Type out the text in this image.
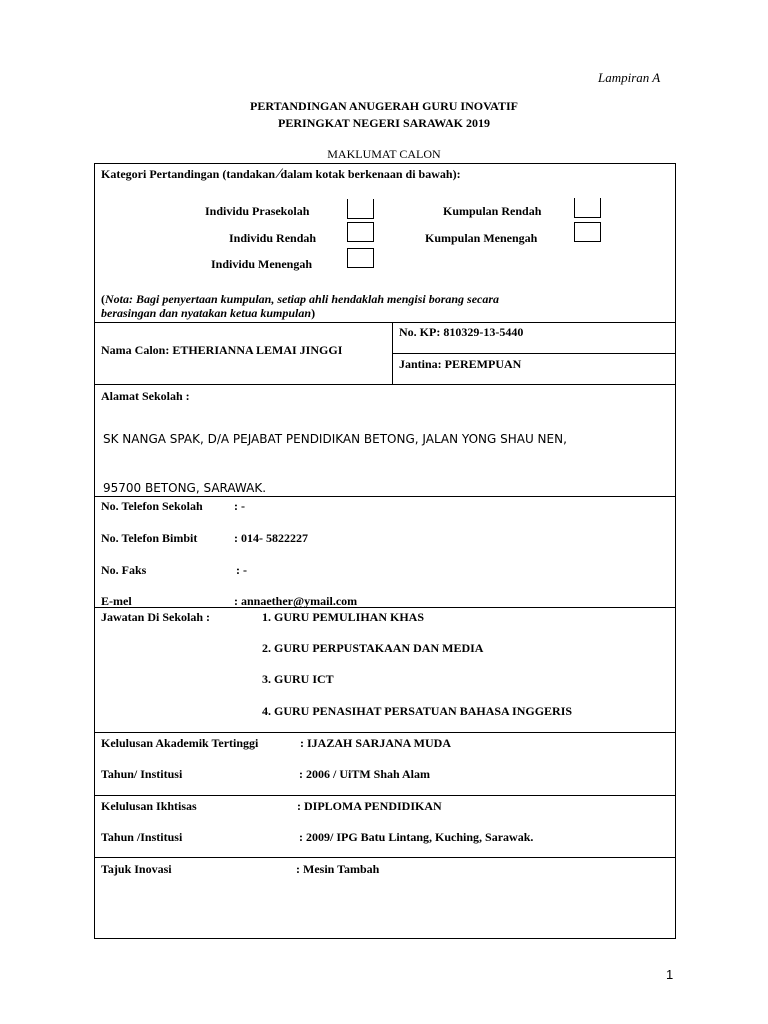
Lampiran A
PERTANDINGAN ANUGERAH GURU INOVATIF
PERINGKAT NEGERI SARAWAK 2019
MAKLUMAT CALON
Kategori Pertandingan (tandakan ⁄dalam kotak berkenaan di bawah):
Individu Prasekolah
Individu Rendah
Individu Menengah
Kumpulan Rendah
Kumpulan Menengah
(Nota: Bagi penyertaan kumpulan, setiap ahli hendaklah mengisi borang secara
berasingan dan nyatakan ketua kumpulan)
Nama Calon: ETHERIANNA LEMAI JINGGI
No. KP: 810329-13-5440
Jantina: PEREMPUAN
Alamat Sekolah :
SK NANGA SPAK, D/A PEJABAT PENDIDIKAN BETONG, JALAN YONG SHAU NEN,
95700 BETONG, SARAWAK.
No. Telefon Sekolah	: -
No. Telefon Bimbit	: 014- 5822227
No. Faks	: -
E-mel	: annaether@ymail.com
Jawatan Di Sekolah :	1. GURU PEMULIHAN KHAS
2. GURU PERPUSTAKAAN DAN MEDIA
3. GURU ICT
4. GURU PENASIHAT PERSATUAN BAHASA INGGERIS
Kelulusan Akademik Tertinggi	: IJAZAH SARJANA MUDA
Tahun/ Institusi	: 2006 / UiTM Shah Alam
Kelulusan Ikhtisas	: DIPLOMA PENDIDIKAN
Tahun /Institusi	: 2009/ IPG Batu Lintang, Kuching, Sarawak.
Tajuk Inovasi	: Mesin Tambah
1
